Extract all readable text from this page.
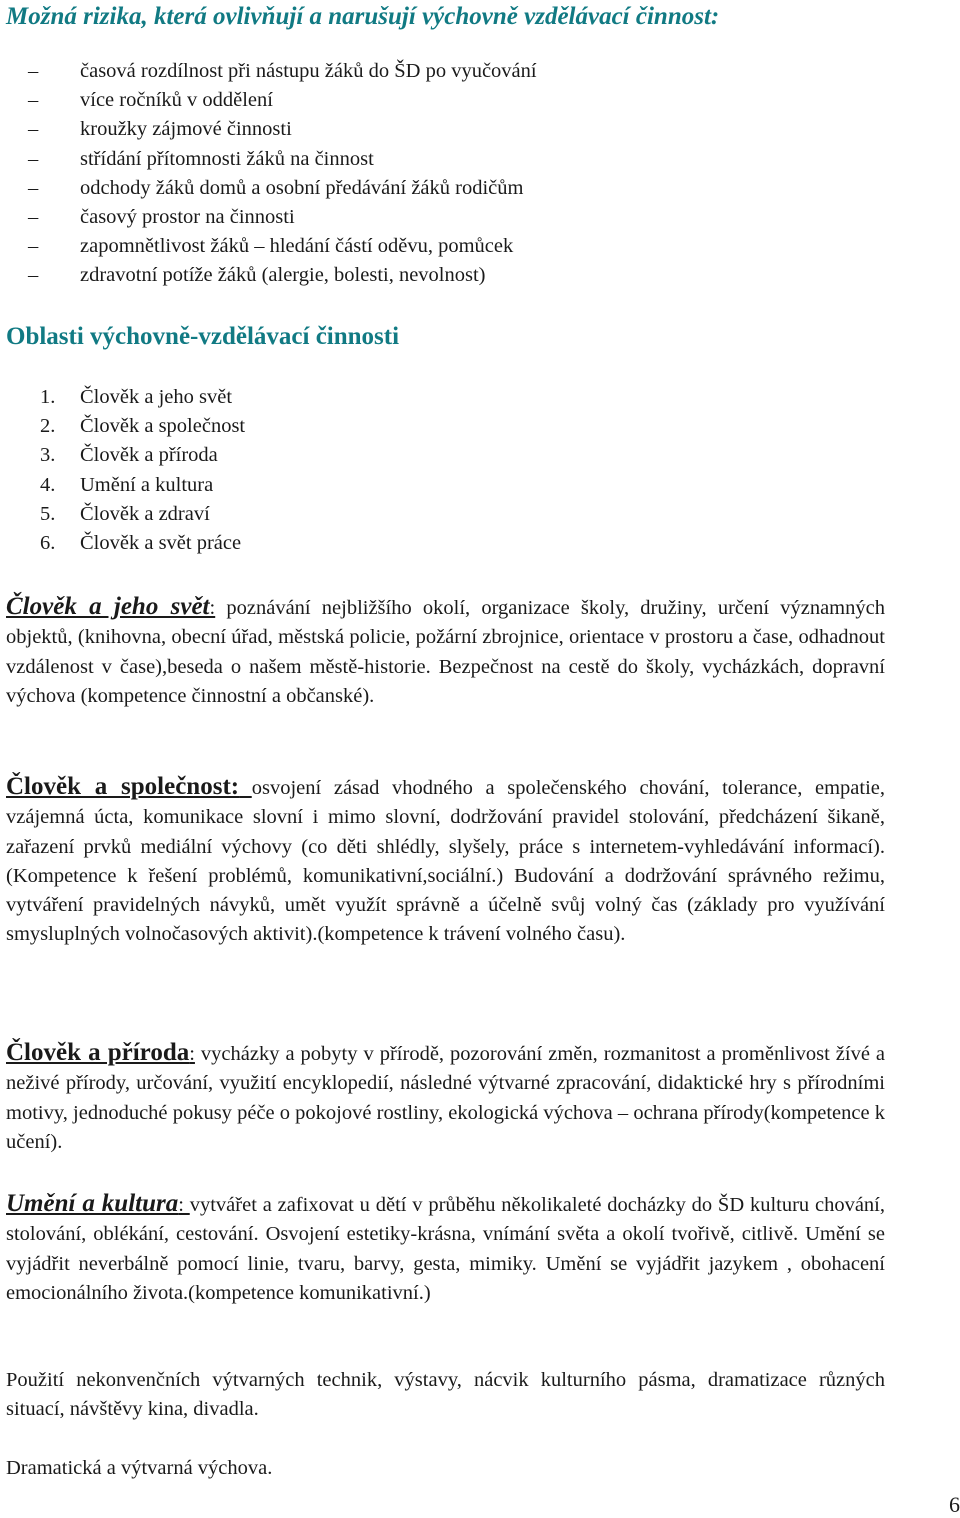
Možná rizika, která ovlivňují a narušují výchovně vzdělávací činnost:
– časová rozdílnost při nástupu žáků do ŠD po vyučování
– více ročníků v oddělení
– kroužky zájmové činnosti
– střídání přítomnosti žáků na činnost
– odchody žáků domů a osobní předávání žáků rodičům
– časový prostor na činnosti
– zapomnětlivost žáků – hledání částí oděvu, pomůcek
– zdravotní potíže žáků (alergie, bolesti, nevolnost)
Oblasti výchovně-vzdělávací činnosti
1. Člověk a jeho svět
2. Člověk a společnost
3. Člověk a příroda
4. Umění a kultura
5. Člověk a zdraví
6. Člověk a svět práce

Člověk a jeho svět: poznávání nejbližšího okolí, organizace školy, družiny, určení významných objektů, (knihovna, obecní úřad, městská policie, požární zbrojnice, orientace v prostoru a čase, odhadnout vzdálenost v čase),beseda o našem městě-historie. Bezpečnost na cestě do školy, vycházkách, dopravní výchova (kompetence činnostní a občanské).

Člověk a společnost: osvojení zásad vhodného a společenského chování, tolerance, empatie, vzájemná úcta, komunikace slovní i mimo slovní, dodržování pravidel stolování, předcházení šikaně, zařazení prvků mediální výchovy (co děti shlédly, slyšely, práce s internetem-vyhledávání informací).(Kompetence k řešení problémů, komunikativní,sociální.) Budování a dodržování správného režimu, vytváření pravidelných návyků, umět využít správně a účelně svůj volný čas (základy pro využívání smysluplných volnočasových aktivit).(kompetence k trávení volného času).

Člověk a příroda: vycházky a pobyty v přírodě, pozorování změn, rozmanitost a proměnlivost žívé a neživé přírody, určování, využití encyklopedií, následné výtvarné zpracování, didaktické hry s přírodními motivy, jednoduché pokusy péče o pokojové rostliny, ekologická výchova – ochrana přírody(kompetence k učení).

Umění a kultura: vytvářet a zafixovat u dětí v průběhu několikaleté docházky do ŠD kulturu chování, stolování, oblékání, cestování. Osvojení estetiky-krásna, vnímání světa a okolí tvořivě, citlivě. Umění se vyjádřit neverbálně pomocí linie, tvaru, barvy, gesta, mimiky. Umění se vyjádřit jazykem , obohacení emocionálního života.(kompetence komunikativní.)

Použití nekonvenčních výtvarných technik, výstavy, nácvik kulturního pásma, dramatizace různých situací, návštěvy kina, divadla.

Dramatická a výtvarná výchova.

6
